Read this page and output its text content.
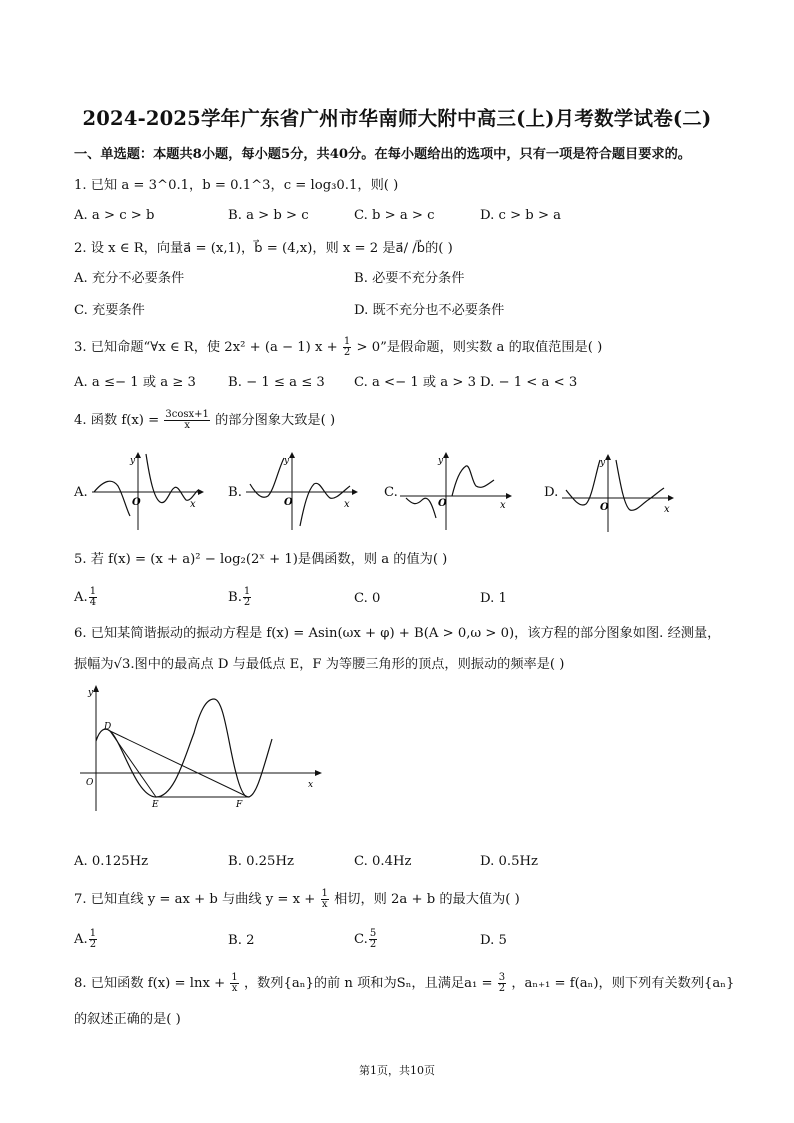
2024-2025学年广东省广州市华南师大附中高三(上)月考数学试卷(二)
一、单选题：本题共8小题，每小题5分，共40分。在每小题给出的选项中，只有一项是符合题目要求的。
1. 已知 a = 3^0.1，b = 0.1^3，c = log₃0.1，则( )
A. a > c > b	B. a > b > c	C. b > a > c	D. c > b > a
2. 设 x ∈ R，向量a⃗ = (x,1)，b⃗ = (4,x)，则 x = 2 是a⃗/ /b⃗的( )
A. 充分不必要条件	B. 必要不充分条件
C. 充要条件	D. 既不充分也不必要条件
3. 已知命题“∀x ∈ R，使 2x² + (a − 1) $x + \frac{1}{2} > 0$”是假命题，则实数 a 的取值范围是( )
A. a ≤− 1 或 a ≥ 3 B. − 1 ≤ a ≤ 3 C. a <− 1 或 a > 3 D. − 1 < a < 3
4. 函数 $f(x) = \frac{3\cos x+1}{x}$ 的部分图象大致是( )
A.
y
O	x
B.
y
O	x
C.
y
O	x
D.
y
O	x
5. 若 f(x) = (x + a)² − log₂(2ˣ + 1)是偶函数，则 a 的值为( )
A. $\frac{1}{4}$	B. $\frac{1}{2}$	C. 0	D. 1
6. 已知某简谐振动的振动方程是 f(x) = Asin(ωx + φ) + B(A > 0,ω > 0)，该方程的部分图象如图. 经测量，
振幅为√3.图中的最高点 D 与最低点 E，F 为等腰三角形的顶点，则振动的频率是( )
y
O
D
E	F
x
A. 0.125Hz	B. 0.25Hz	C. 0.4Hz	D. 0.5Hz
7. 已知直线 y = ax + b 与曲线 $y = x + \frac{1}{x}$ 相切，则 2a + b 的最大值为( )
A. $\frac{1}{2}$	B. 2	C. $\frac{5}{2}$	D. 5
8. 已知函数 $f(x) = \ln x + \frac{1}{x}$ ，数列{aₙ}的前 n 项和为Sₙ，且满足$a_1 = \frac{3}{2}$ ，aₙ₊₁ = f(aₙ)，则下列有关数列{aₙ}
的叙述正确的是( )
第1页，共10页
